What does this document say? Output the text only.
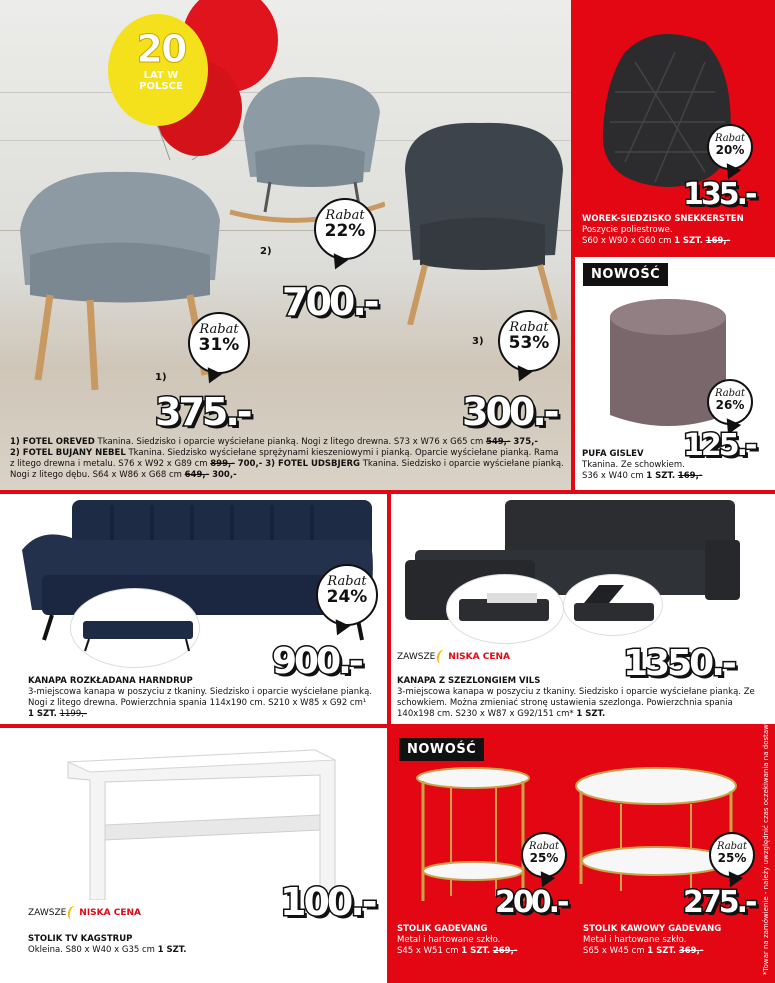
20
LAT W POLSCE
1)
2)
3)
Rabat
31%
Rabat
22%
Rabat
53%
375.-
700.-
300.-
1) FOTEL OREVED Tkanina. Siedzisko i oparcie wyściełane pianką. Nogi z litego drewna. S73 x W76 x G65 cm 549,- 375,-
2) FOTEL BUJANY NEBEL Tkanina. Siedzisko wyściełane sprężynami kieszeniowymi i pianką. Oparcie wyściełane pianką. Rama z litego drewna i metalu. S76 x W92 x G89 cm 899,- 700,- 3) FOTEL UDSBJERG Tkanina. Siedzisko i oparcie wyściełane pianką. Nogi z litego dębu. S64 x W86 x G68 cm 649,- 300,-
Rabat
20%
135.-
WOREK-SIEDZISKO SNEKKERSTEN
Poszycie poliestrowe.
S60 x W90 x G60 cm 1 SZT. 169,-
NOWOŚĆ
Rabat
26%
125.-
PUFA GISLEV
Tkanina. Ze schowkiem.
S36 x W40 cm 1 SZT. 169,-
Rabat
24%
900.-
KANAPA ROZKŁADANA HARNDRUP
3-miejscowa kanapa w poszyciu z tkaniny. Siedzisko i oparcie wyściełane pianką. Nogi z litego drewna. Powierzchnia spania 114x190 cm. S210 x W85 x G92 cm¹
1 SZT. 1199,-
ZAWSZE NISKA CENA	1350.-
KANAPA Z SZEZLONGIEM VILS
3-miejscowa kanapa w poszyciu z tkaniny. Siedzisko i oparcie wyściełane pianką. Ze schowkiem. Można zmieniać stronę ustawienia szezlonga. Powierzchnia spania 140x198 cm. S230 x W87 x G92/151 cm* 1 SZT.
100.-
ZAWSZE NISKA CENA
STOLIK TV KAGSTRUP
Okleina. S80 x W40 x G35 cm 1 SZT.
NOWOŚĆ
Rabat
25%
Rabat
25%
200.-	275.-
STOLIK GADEVANG
Metal i hartowane szkło.
S45 x W51 cm 1 SZT. 269,-
STOLIK KAWOWY GADEVANG
Metal i hartowane szkło.
S65 x W45 cm 1 SZT. 369,-	*Towar na zamówienie - należy uwzględnić czas oczekiwania na dostawę
